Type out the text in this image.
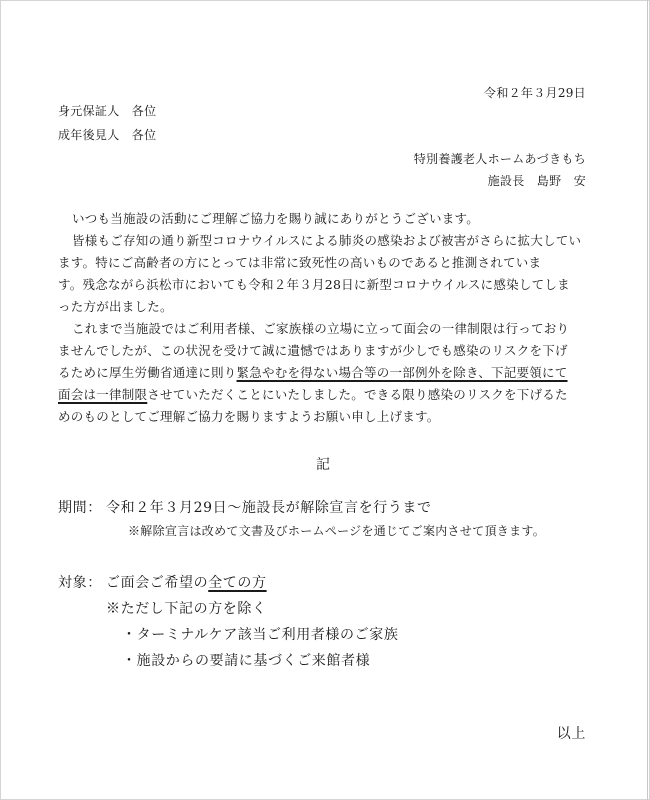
令和２年３月29日
身元保証人　各位
成年後見人　各位
特別養護老人ホームあづきもち
施設長　島野　安
いつも当施設の活動にご理解ご協力を賜り誠にありがとうございます。
皆様もご存知の通り新型コロナウイルスによる肺炎の感染および被害がさらに拡大してい
ます。特にご高齢者の方にとっては非常に致死性の高いものであると推測されていま
す。残念ながら浜松市においても令和２年３月28日に新型コロナウイルスに感染してしま
った方が出ました。
これまで当施設ではご利用者様、ご家族様の立場に立って面会の一律制限は行っており
ませんでしたが、この状況を受けて誠に遺憾ではありますが少しでも感染のリスクを下げ
るために厚生労働省通達に則り緊急やむを得ない場合等の一部例外を除き、下記要領にて
面会は一律制限させていただくことにいたしました。できる限り感染のリスクを下げるた
めのものとしてご理解ご協力を賜りますようお願い申し上げます。
記
期間： 令和２年３月29日～施設長が解除宣言を行うまで
※解除宣言は改めて文書及びホームページを通じてご案内させて頂きます。
対象： ご面会ご希望の全ての方
※ただし下記の方を除く
・ターミナルケア該当ご利用者様のご家族
・施設からの要請に基づくご来館者様
以上
